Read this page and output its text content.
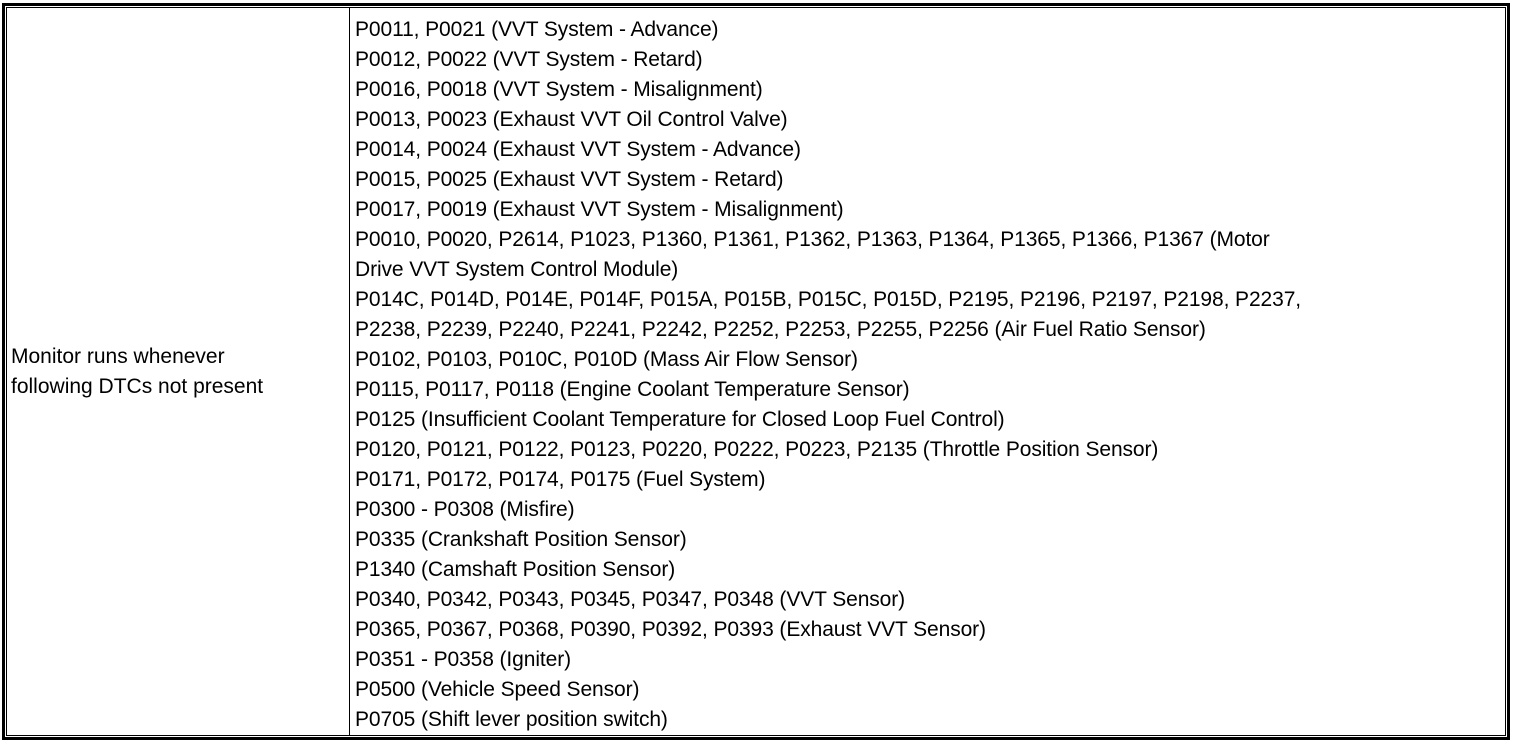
Monitor runs whenever
following DTCs not present

P0011, P0021 (VVT System - Advance)
P0012, P0022 (VVT System - Retard)
P0016, P0018 (VVT System - Misalignment)
P0013, P0023 (Exhaust VVT Oil Control Valve)
P0014, P0024 (Exhaust VVT System - Advance)
P0015, P0025 (Exhaust VVT System - Retard)
P0017, P0019 (Exhaust VVT System - Misalignment)
P0010, P0020, P2614, P1023, P1360, P1361, P1362, P1363, P1364, P1365, P1366, P1367 (Motor
Drive VVT System Control Module)
P014C, P014D, P014E, P014F, P015A, P015B, P015C, P015D, P2195, P2196, P2197, P2198, P2237,
P2238, P2239, P2240, P2241, P2242, P2252, P2253, P2255, P2256 (Air Fuel Ratio Sensor)
P0102, P0103, P010C, P010D (Mass Air Flow Sensor)
P0115, P0117, P0118 (Engine Coolant Temperature Sensor)
P0125 (Insufficient Coolant Temperature for Closed Loop Fuel Control)
P0120, P0121, P0122, P0123, P0220, P0222, P0223, P2135 (Throttle Position Sensor)
P0171, P0172, P0174, P0175 (Fuel System)
P0300 - P0308 (Misfire)
P0335 (Crankshaft Position Sensor)
P1340 (Camshaft Position Sensor)
P0340, P0342, P0343, P0345, P0347, P0348 (VVT Sensor)
P0365, P0367, P0368, P0390, P0392, P0393 (Exhaust VVT Sensor)
P0351 - P0358 (Igniter)
P0500 (Vehicle Speed Sensor)
P0705 (Shift lever position switch)
